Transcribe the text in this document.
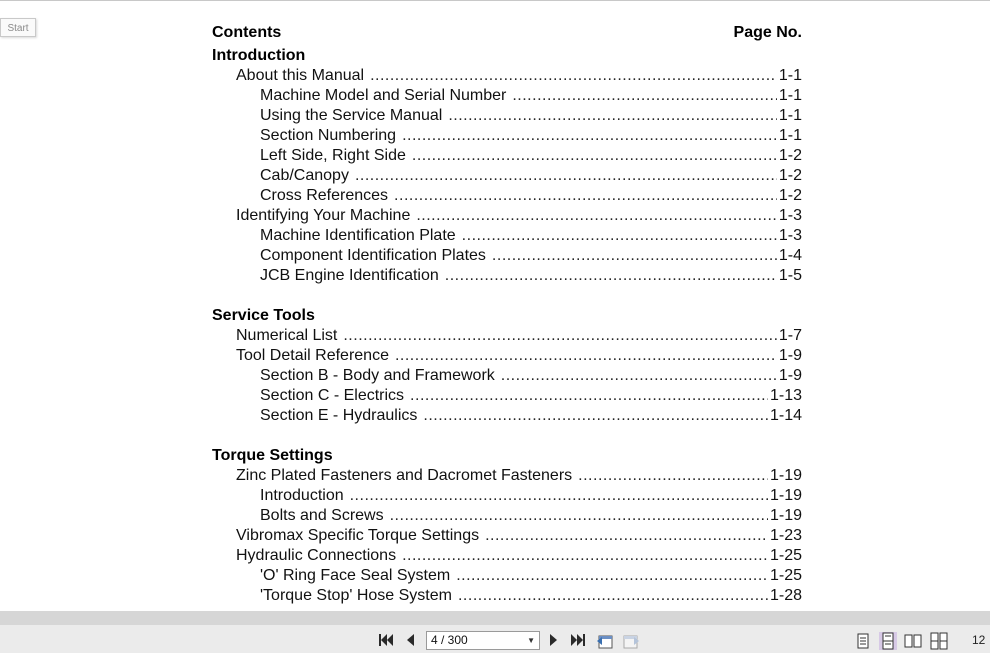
Start	Contents	Page No.
Introduction
About this Manual .....	1-1
Machine Model and Serial Number .....	1-1
Using the Service Manual .....	1-1
Section Numbering .....	1-1
Left Side, Right Side .....	1-2
Cab/Canopy .....	1-2
Cross References .....	1-2
Identifying Your Machine .....	1-3
Machine Identification Plate .....	1-3
Component Identification Plates .....	1-4
JCB Engine Identification .....	1-5
Service Tools
Numerical List .....	1-7
Tool Detail Reference .....	1-9
Section B - Body and Framework .....	1-9
Section C - Electrics .....	1-13
Section E - Hydraulics .....	1-14
Torque Settings
Zinc Plated Fasteners and Dacromet Fasteners .....	1-19
Introduction .....	1-19
Bolts and Screws .....	1-19
Vibromax Specific Torque Settings .....	1-23
Hydraulic Connections .....	1-25
'O' Ring Face Seal System .....	1-25
'Torque Stop' Hose System .....	1-28
4 / 300	▼	12
